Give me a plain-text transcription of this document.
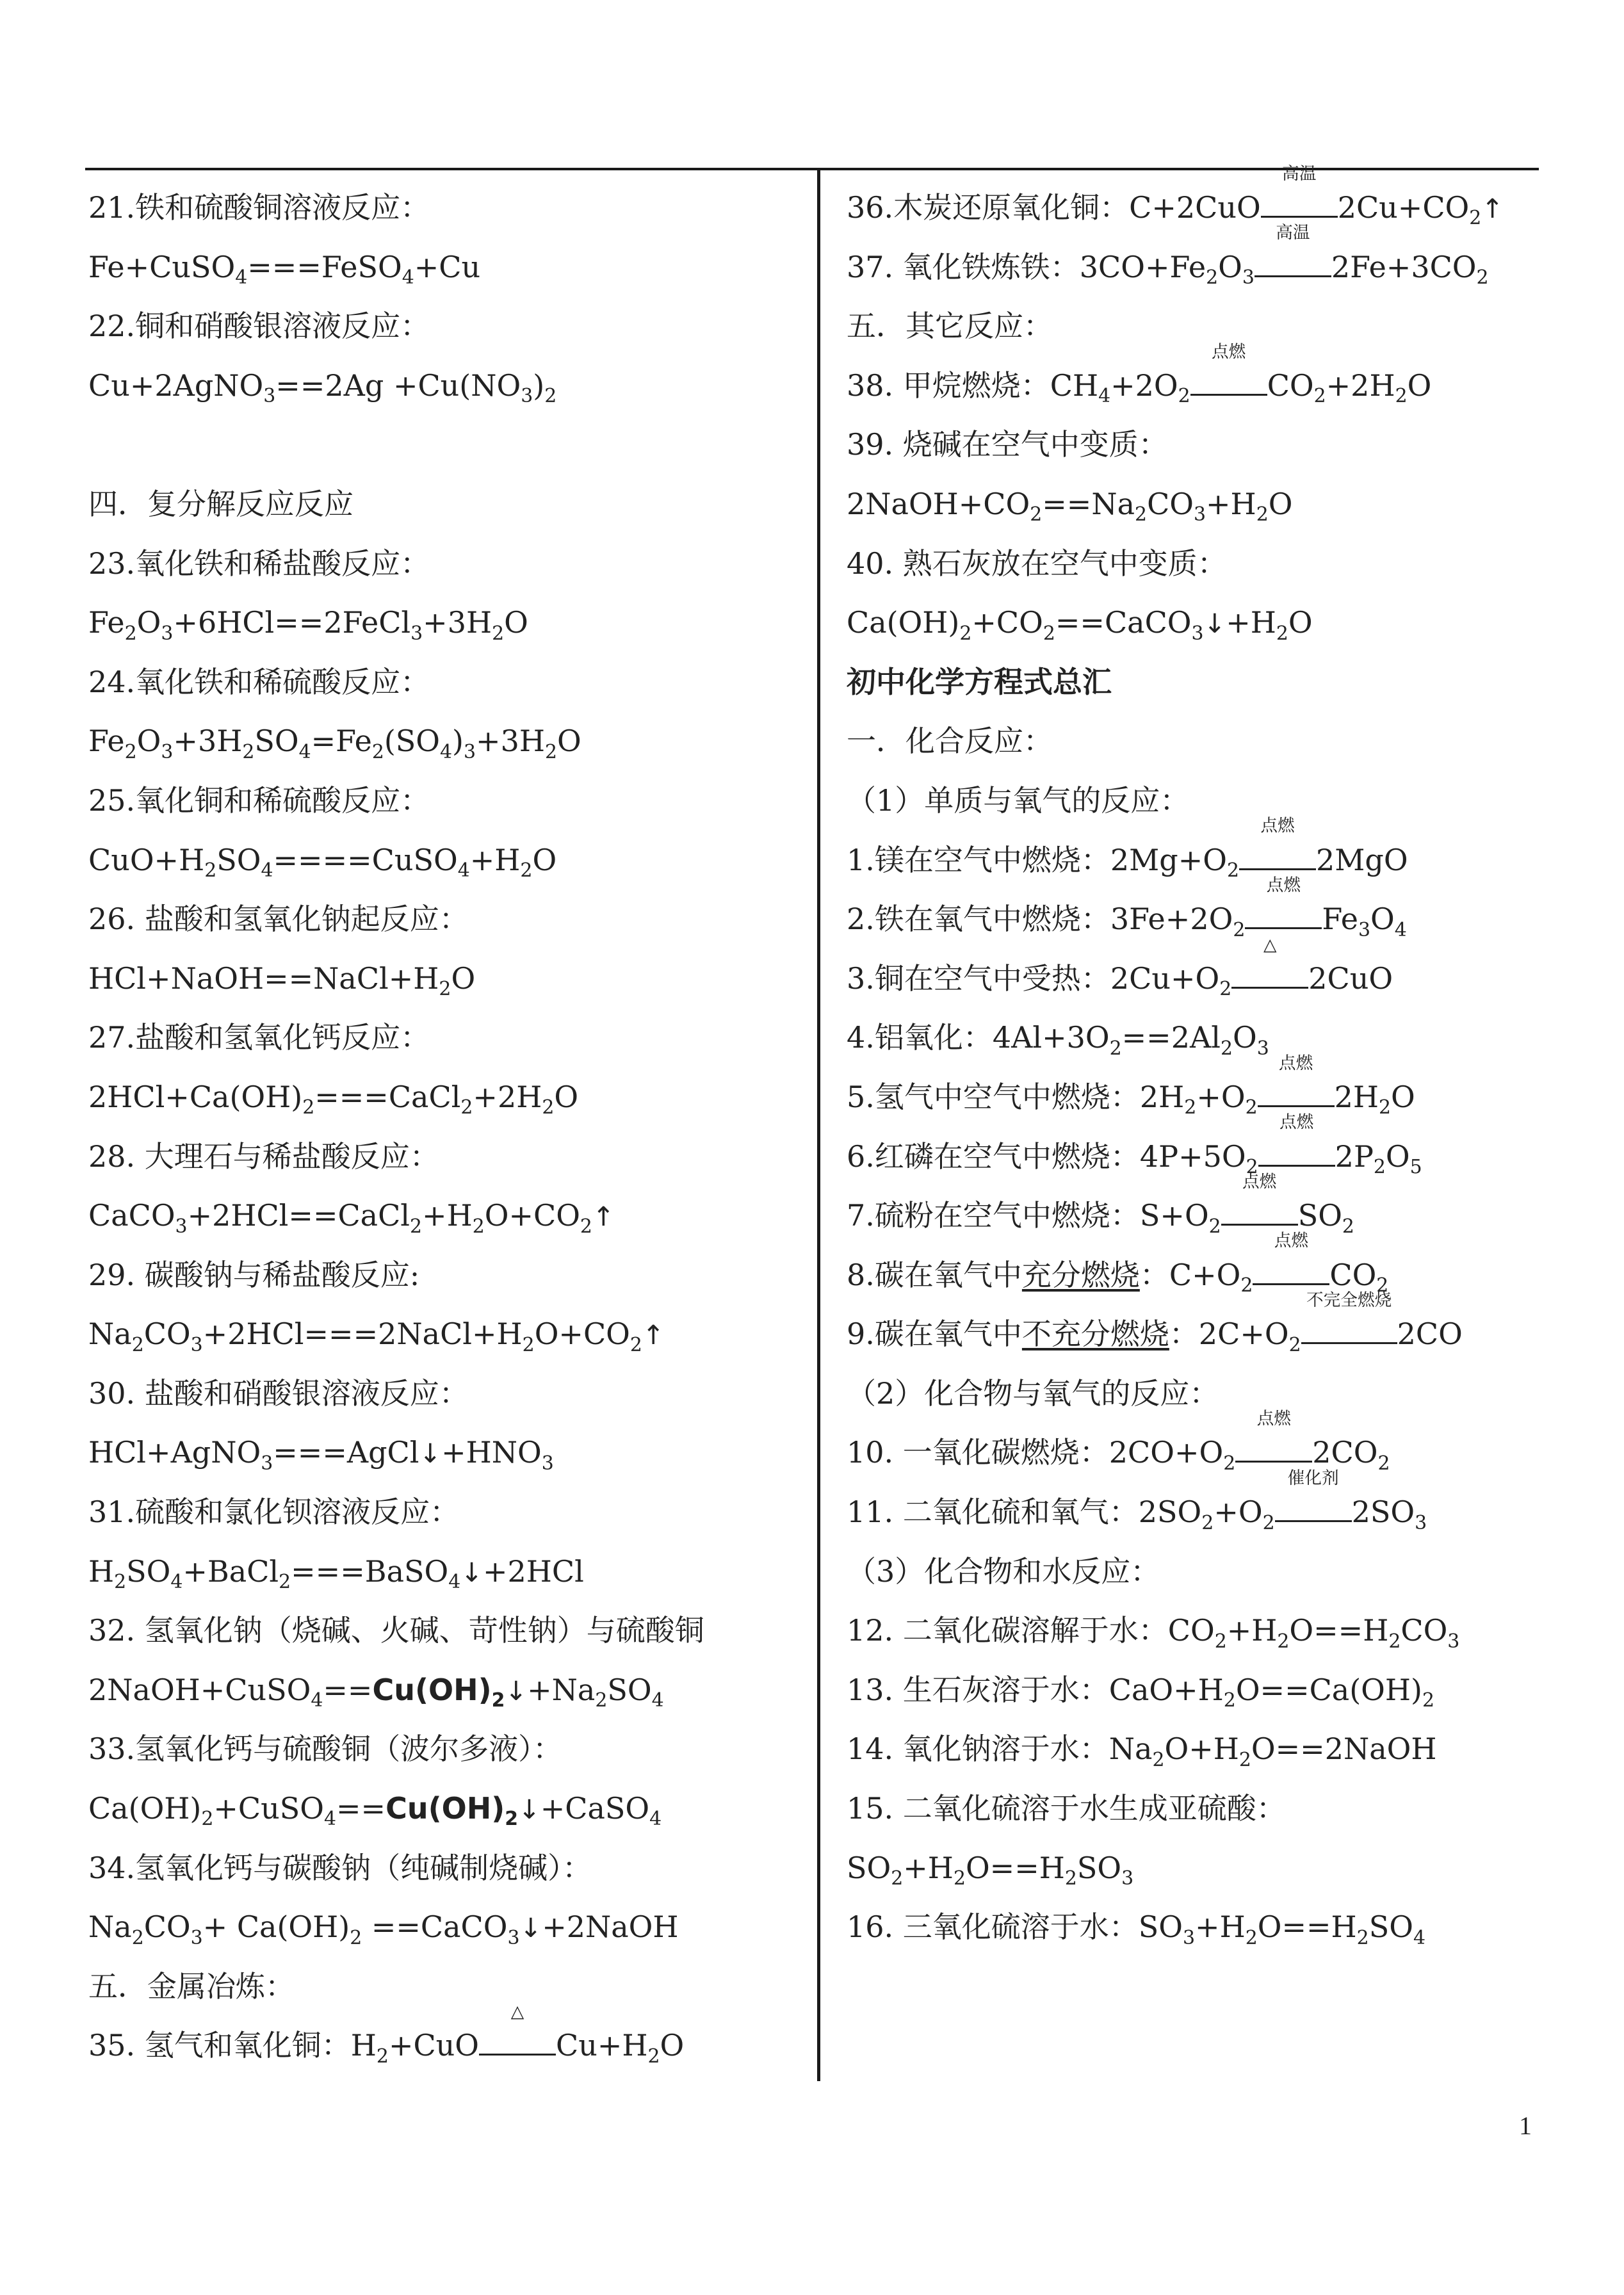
21.铁和硫酸铜溶液反应：
Fe+CuSO$_4$===FeSO$_4$+Cu
22.铜和硝酸银溶液反应：
Cu+2AgNO$_3$==2Ag $+Cu(NO_3)_2$

四．复分解反应反应
23.氧化铁和稀盐酸反应：
$Fe_2O_3+6HCl==2FeCl_3+3H_2O$
24.氧化铁和稀硫酸反应：
$Fe_2O_3+3H_2SO_4=Fe_2(SO_4)_3+3H_2O$
25.氧化铜和稀硫酸反应：
$CuO+H_2SO_4====CuSO_4+H_2O$
26. 盐酸和氢氧化钠起反应：
$HCl+NaOH==NaCl+H_2O$
27.盐酸和氢氧化钙反应：
$2HCl+Ca(OH)_2===CaCl_2+2H_2O$
28. 大理石与稀盐酸反应：
$CaCO_3+2HCl==CaCl_2+H_2O+CO_2↑$
29. 碳酸钠与稀盐酸反应:
$Na_2CO_3+2HCl===2NaCl+H_2O+CO_2↑$
30. 盐酸和硝酸银溶液反应：
$HCl+AgNO_3===AgCl↓+HNO_3$
31.硫酸和氯化钡溶液反应：
$H_2SO_4+BaCl_2===BaSO_4↓+2HCl$
32. 氢氧化钠（烧碱、火碱、苛性钠）与硫酸铜
$2NaOH+CuSO_4==Cu(OH)_2↓+Na_2SO_4$
33.氢氧化钙与硫酸铜（波尔多液）：
$Ca(OH)_2+CuSO_4==Cu(OH)_2↓+CaSO_4$
34.氢氧化钙与碳酸钠（纯碱制烧碱）：
$Na_2CO_3+ Ca(OH)_2$ ==CaCO$_3$↓+2NaOH
五．金属冶炼：
35. 氢气和氧化铜：$H_2+CuO$
△
$Cu+H_2O$
36.木炭还原氧化铜：C+2CuO
高温
$2Cu+CO_2↑$
37. 氧化铁炼铁：$3CO+Fe_2O_3$
高温
$2Fe+3CO_2$
五．其它反应：
38. 甲烷燃烧：$CH_4+2O_2$
点燃
$CO_2+2H_2O$
39. 烧碱在空气中变质：
$2NaOH+CO_2==Na_2CO_3+H_2O$
40. 熟石灰放在空气中变质：
$Ca(OH)_2+CO_2==CaCO_3↓+H_2O$
初中化学方程式总汇
一．化合反应：
（1）单质与氧气的反应：
1.镁在空气中燃烧：$2Mg+O_2$
点燃
2MgO
2.铁在氧气中燃烧：$3Fe+2O_2$
点燃
$Fe_3O_4$
3.铜在空气中受热：$2Cu+O_2$
△
2CuO
4.铝氧化：$4Al+3O_2==2Al_2O_3$
5.氢气中空气中燃烧：$2H_2+O_2$
点燃
$2H_2O$
6.红磷在空气中燃烧：$4P+5O_2$
点燃
$2P_2O_5$
7.硫粉在空气中燃烧：$S+O_2$
点燃
$SO_2$
8.碳在氧气中充分燃烧：$C+O_2$
点燃
$CO_2$
9.碳在氧气中不充分燃烧：$2C+O_2$
不完全燃烧
2CO
（2）化合物与氧气的反应：
10. 一氧化碳燃烧：$2CO+O_2$
点燃
$2CO_2$
11. 二氧化硫和氧气：$2SO_2+O_2$
催化剂
$2SO_3$
（3）化合物和水反应：
12. 二氧化碳溶解于水：$CO_2+H_2O==H_2CO_3$
13. 生石灰溶于水：$CaO+H_2O==Ca(OH)_2$
14. 氧化钠溶于水：$Na_2O+H_2O==2NaOH$
15. 二氧化硫溶于水生成亚硫酸：
$SO_2+H_2O==H_2SO_3$
16. 三氧化硫溶于水：$SO_3+H_2O==H_2SO_4$
1
